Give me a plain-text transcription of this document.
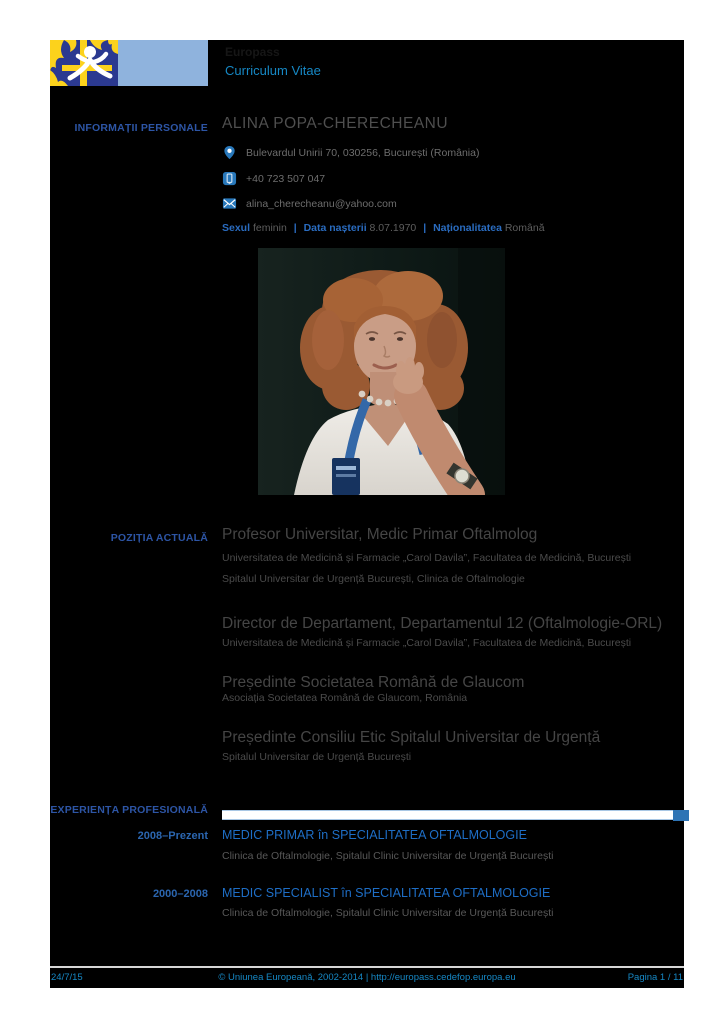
Europass
Curriculum Vitae
INFORMAȚII PERSONALE ALINA POPA-CHERECHEANU
Bulevardul Unirii 70, 030256, București (România)
+40 723 507 047
alina_cherecheanu@yahoo.com
Sexul feminin | Data nașterii 8.07.1970 | Naționalitatea Română
POZIȚIA ACTUALĂ Profesor Universitar, Medic Primar Oftalmolog
Universitatea de Medicină și Farmacie „Carol Davila”, Facultatea de Medicină, București
Spitalul Universitar de Urgență București, Clinica de Oftalmologie
Director de Departament, Departamentul 12 (Oftalmologie-ORL)
Universitatea de Medicină și Farmacie „Carol Davila”, Facultatea de Medicină, București
Președinte Societatea Română de Glaucom
Asociația Societatea Română de Glaucom, România
Președinte Consiliu Etic Spitalul Universitar de Urgență
Spitalul Universitar de Urgență București
EXPERIENȚA PROFESIONALĂ
2008–Prezent MEDIC PRIMAR în SPECIALITATEA OFTALMOLOGIE
Clinica de Oftalmologie, Spitalul Clinic Universitar de Urgență București
2000–2008 MEDIC SPECIALIST în SPECIALITATEA OFTALMOLOGIE
Clinica de Oftalmologie, Spitalul Clinic Universitar de Urgență București
24/7/15	© Uniunea Europeană, 2002-2014 | http://europass.cedefop.europa.eu	Pagina 1 / 11
